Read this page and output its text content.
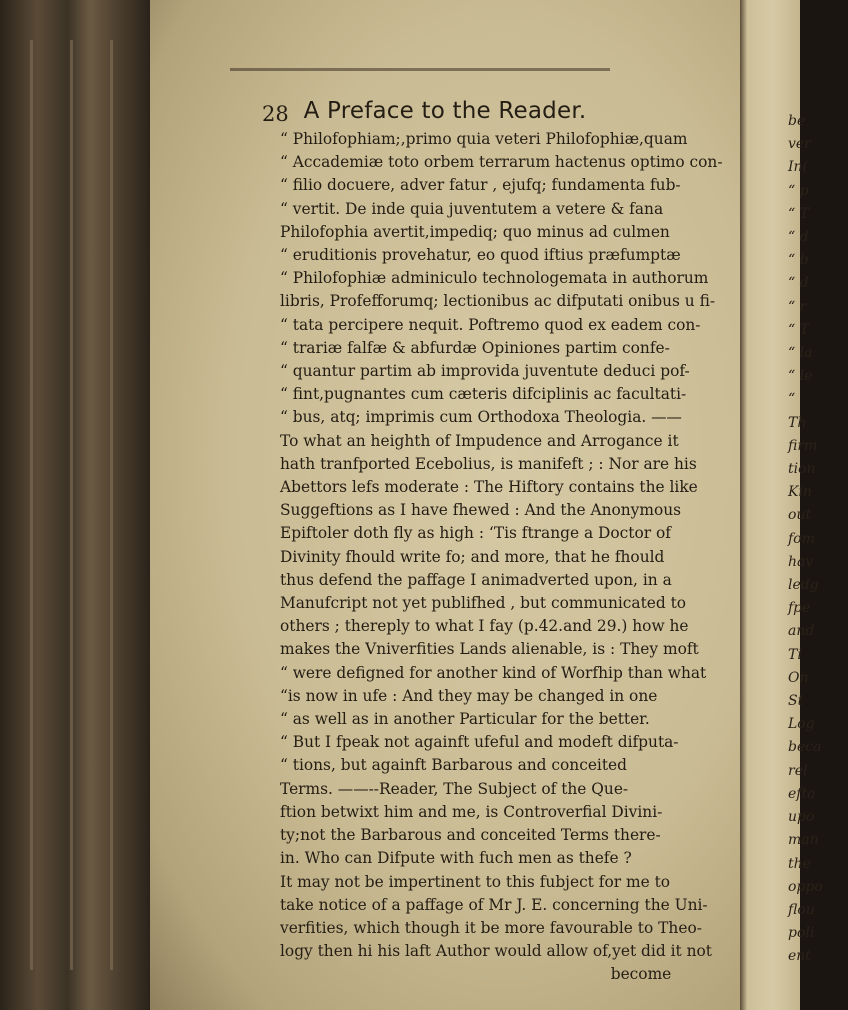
28 A Preface to the Reader.
“ Philofophiam;,primo quia veteri Philofophiæ,quam
“ Accademiæ toto orbem terrarum hactenus optimo con-
“ filio docuere, adver fatur , ejufq; fundamenta fub-
“ vertit. De inde quia juventutem a vetere & fana
Philofophia avertit,impediq; quo minus ad culmen
“ eruditionis provehatur, eo quod iftius præfumptæ
“ Philofophiæ adminiculo technologemata in authorum
libris, Profefforumq; lectionibus ac difputati onibus u fi-
“ tata percipere nequit. Poftremo quod ex eadem con-
“ trariæ falfæ & abfurdæ Opiniones partim confe-
“ quantur partim ab improvida juventute deduci pof-
“ fint,pugnantes cum cæteris difciplinis ac facultati-
“ bus, atq; imprimis cum Orthodoxa Theologia. ——
To what an heighth of Impudence and Arrogance it
hath tranfported Ecebolius, is manifeft ; : Nor are his
Abettors lefs moderate : The Hiftory contains the like
Suggeftions as I have fhewed : And the Anonymous
Epiftoler doth fly as high : ‘Tis ftrange a Doctor of
Divinity fhould write fo; and more, that he fhould
thus defend the paffage I animadverted upon, in a
Manufcript not yet publifhed , but communicated to
others ; thereply to what I fay (p.42.and 29.) how he
makes the Vniverfities Lands alienable, is : They moft
“ were defigned for another kind of Worfhip than what
“is now in ufe : And they may be changed in one
“ as well as in another Particular for the better.
“ But I fpeak not againft ufeful and modeft difputa-
“ tions, but againft Barbarous and conceited
Terms. ——--Reader, The Subject of the Que-
ftion betwixt him and me, is Controverfial Divini-
ty;not the Barbarous and conceited Terms there-
in. Who can Difpute with fuch men as thefe ?
It may not be impertinent to this fubject for me to
take notice of a paffage of Mr J. E. concerning the Uni-
verfities, which though it be more favourable to Theo-
logy then hi his laft Author would allow of,yet did it not
become
be
ver
In(
“ p
“ T
“ d
“ b
“ d
“ r
“ T
“ la
“ le
“
Th
firm
tion
Kin
out
fom
hav
ledg
fpe
and
Ti
On
St
Log
beca
rel
efta
upo
man
the
oppo
flou
poli
ent
